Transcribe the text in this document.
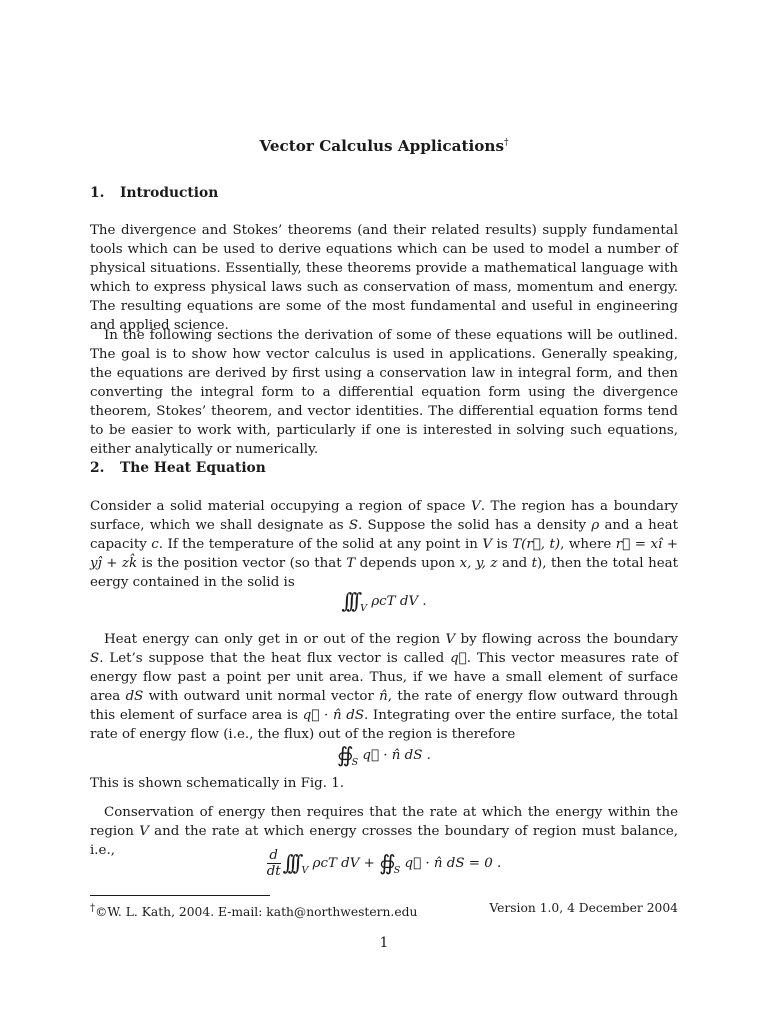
Vector Calculus Applications†
1. Introduction

The divergence and Stokes’ theorems (and their related results) supply fundamental tools which can be used to derive equations which can be used to model a number of physical situations. Essentially, these theorems provide a mathematical language with which to express physical laws such as conservation of mass, momentum and energy. The resulting equations are some of the most fundamental and useful in engineering and applied science.

In the following sections the derivation of some of these equations will be outlined. The goal is to show how vector calculus is used in applications. Generally speaking, the equations are derived by first using a conservation law in integral form, and then converting the integral form to a differential equation form using the divergence theorem, Stokes’ theorem, and vector identities. The differential equation forms tend to be easier to work with, particularly if one is interested in solving such equations, either analytically or numerically.

2. The Heat Equation

Consider a solid material occupying a region of space V. The region has a boundary surface, which we shall designate as S. Suppose the solid has a density ρ and a heat capacity c. If the temperature of the solid at any point in V is T(r⃗, t), where r⃗ = xî + yĵ + zk̂ is the position vector (so that T depends upon x, y, z and t), then the total heat eergy contained in the solid is

∫∫∫ $_V$ ρcT dV .

Heat energy can only get in or out of the region V by flowing across the boundary S. Let’s suppose that the heat flux vector is called q⃗. This vector measures rate of energy flow past a point per unit area. Thus, if we have a small element of surface area dS with outward unit normal vector n̂, the rate of energy flow outward through this element of surface area is q⃗ · n̂ dS. Integrating over the entire surface, the total rate of energy flow (i.e., the flux) out of the region is therefore

∯ $_S$ q⃗ · n̂ dS .

This is shown schematically in Fig. 1.

Conservation of energy then requires that the rate at which the energy within the region V and the rate at which energy crosses the boundary of region must balance, i.e.,	$\frac{d}{dt}$ ∫∫∫ $_V$ ρcT dV + ∯ $_S$ q⃗ · n̂ dS = 0 .
†©W. L. Kath, 2004. E-mail: kath@northwestern.edu	Version 1.0, 4 December 2004
1
